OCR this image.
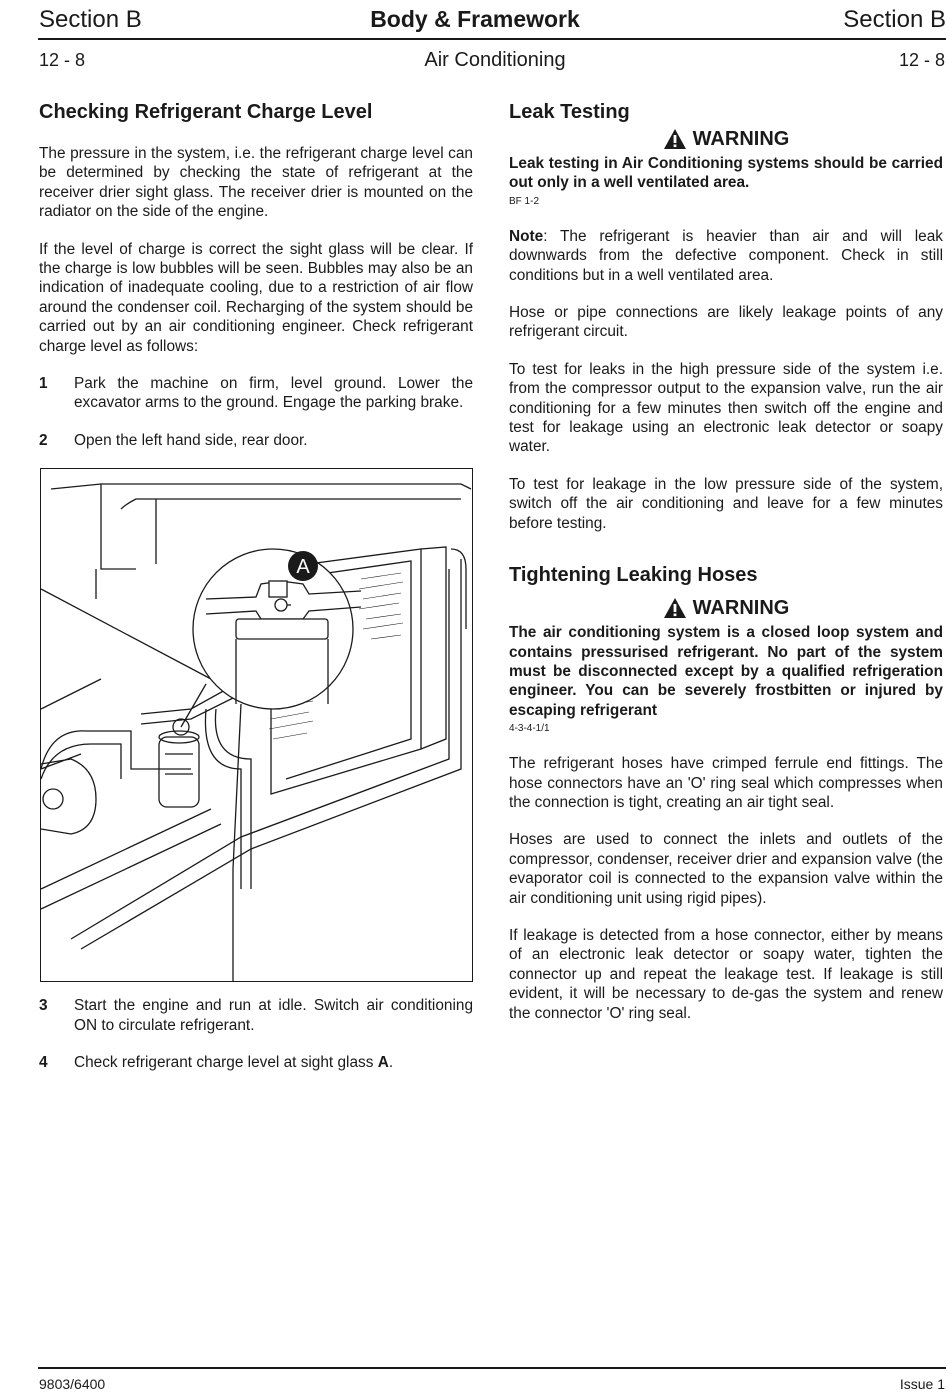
Section B	Body & Framework	Section B
12 - 8	Air Conditioning	12 - 8
Checking Refrigerant Charge Level

The pressure in the system, i.e. the refrigerant charge level can be determined by checking the state of refrigerant at the receiver drier sight glass. The receiver drier is mounted on the radiator on the side of the engine.

If the level of charge is correct the sight glass will be clear. If the charge is low bubbles will be seen. Bubbles may also be an indication of inadequate cooling, due to a restriction of air flow around the condenser coil. Recharging of the system should be carried out by an air conditioning engineer. Check refrigerant charge level as follows:

1	Park the machine on firm, level ground. Lower the excavator arms to the ground. Engage the parking brake.
2	Open the left hand side, rear door.
A
3	Start the engine and run at idle. Switch air conditioning ON to circulate refrigerant.
4	Check refrigerant charge level at sight glass A.
Leak Testing
WARNING

Leak testing in Air Conditioning systems should be carried out only in a well ventilated area.

BF 1-2

Note: The refrigerant is heavier than air and will leak downwards from the defective component. Check in still conditions but in a well ventilated area.

Hose or pipe connections are likely leakage points of any refrigerant circuit.

To test for leaks in the high pressure side of the system i.e. from the compressor output to the expansion valve, run the air conditioning for a few minutes then switch off the engine and test for leakage using an electronic leak detector or soapy water.

To test for leakage in the low pressure side of the system, switch off the air conditioning and leave for a few minutes before testing.

Tightening Leaking Hoses
WARNING

The air conditioning system is a closed loop system and contains pressurised refrigerant. No part of the system must be disconnected except by a qualified refrigeration engineer. You can be severely frostbitten or injured by escaping refrigerant

4-3-4-1/1

The refrigerant hoses have crimped ferrule end fittings. The hose connectors have an 'O' ring seal which compresses when the connection is tight, creating an air tight seal.

Hoses are used to connect the inlets and outlets of the compressor, condenser, receiver drier and expansion valve (the evaporator coil is connected to the expansion valve within the air conditioning unit using rigid pipes).

If leakage is detected from a hose connector, either by means of an electronic leak detector or soapy water, tighten the connector up and repeat the leakage test. If leakage is still evident, it will be necessary to de-gas the system and renew the connector 'O' ring seal.

9803/6400	Issue 1
